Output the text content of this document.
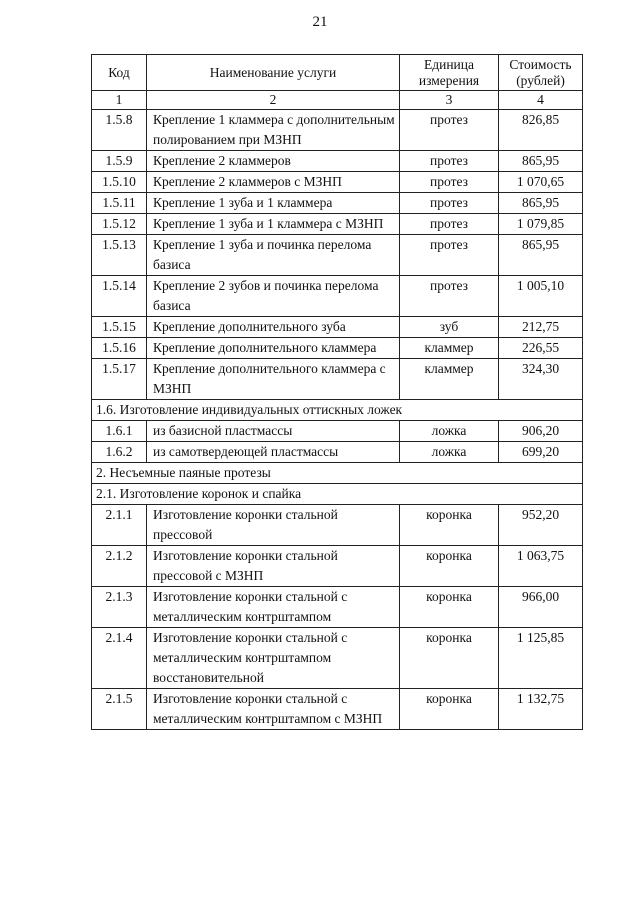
21
Код	Наименование услуги	Единица измерения	Стоимость (рублей)
1	2	3	4
1.5.8	Крепление 1 кламмера с дополнительным полированием при МЗНП	протез	826,85
1.5.9	Крепление 2 кламмеров	протез	865,95
1.5.10	Крепление 2 кламмеров с МЗНП	протез	1 070,65
1.5.11	Крепление 1 зуба и 1 кламмера	протез	865,95
1.5.12	Крепление 1 зуба и 1 кламмера с МЗНП	протез	1 079,85
1.5.13	Крепление 1 зуба и починка перелома базиса	протез	865,95
1.5.14	Крепление 2 зубов и починка перелома базиса	протез	1 005,10
1.5.15	Крепление дополнительного зуба	зуб	212,75
1.5.16	Крепление дополнительного кламмера	кламмер	226,55
1.5.17	Крепление дополнительного кламмера с МЗНП	кламмер	324,30
1.6. Изготовление индивидуальных оттискных ложек			
1.6.1	из базисной пластмассы	ложка	906,20
1.6.2	из самотвердеющей пластмассы	ложка	699,20
2. Несъемные паяные протезы			
2.1. Изготовление коронок и спайка			
2.1.1	Изготовление коронки стальной прессовой	коронка	952,20
2.1.2	Изготовление коронки стальной прессовой с МЗНП	коронка	1 063,75
2.1.3	Изготовление коронки стальной с металлическим контрштампом	коронка	966,00
2.1.4	Изготовление коронки стальной с металлическим контрштампом восстановительной	коронка	1 125,85
2.1.5	Изготовление коронки стальной с металлическим контрштампом с МЗНП	коронка	1 132,75
